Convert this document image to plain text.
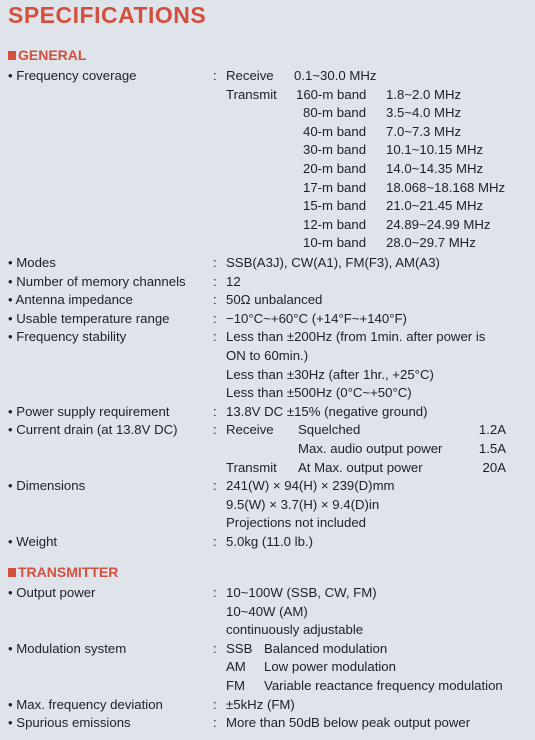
SPECIFICATIONS
GENERAL
• Frequency coverage	: Receive 0.1~30.0 MHz
Transmit 160-m band 1.8~2.0 MHz
80-m band 3.5~4.0 MHz
40-m band 7.0~7.3 MHz
30-m band 10.1~10.15 MHz
20-m band 14.0~14.35 MHz
17-m band 18.068~18.168 MHz
15-m band 21.0~21.45 MHz
12-m band 24.89~24.99 MHz
10-m band 28.0~29.7 MHz
• Modes	: SSB(A3J), CW(A1), FM(F3), AM(A3)
• Number of memory channels : 12
• Antenna impedance	: 50Ω unbalanced
• Usable temperature range	: −10°C~+60°C (+14°F~+140°F)
• Frequency stability	: Less than ±200Hz (from 1min. after power is
ON to 60min.)
Less than ±30Hz (after 1hr., +25°C)
Less than ±500Hz (0°C~+50°C)
• Power supply requirement	: 13.8V DC ±15% (negative ground)
• Current drain (at 13.8V DC)	: Receive Squelched	1.2A
Max. audio output power	1.5A
Transmit At Max. output power	20A
• Dimensions	: 241(W) × 94(H) × 239(D)mm
9.5(W) × 3.7(H) × 9.4(D)in
Projections not included
• Weight	: 5.0kg (11.0 lb.)
TRANSMITTER
• Output power	: 10~100W (SSB, CW, FM)
10~40W (AM)
continuously adjustable
• Modulation system	: SSB Balanced modulation
AM Low power modulation
FM Variable reactance frequency modulation
• Max. frequency deviation	: ±5kHz (FM)
• Spurious emissions	: More than 50dB below peak output power
